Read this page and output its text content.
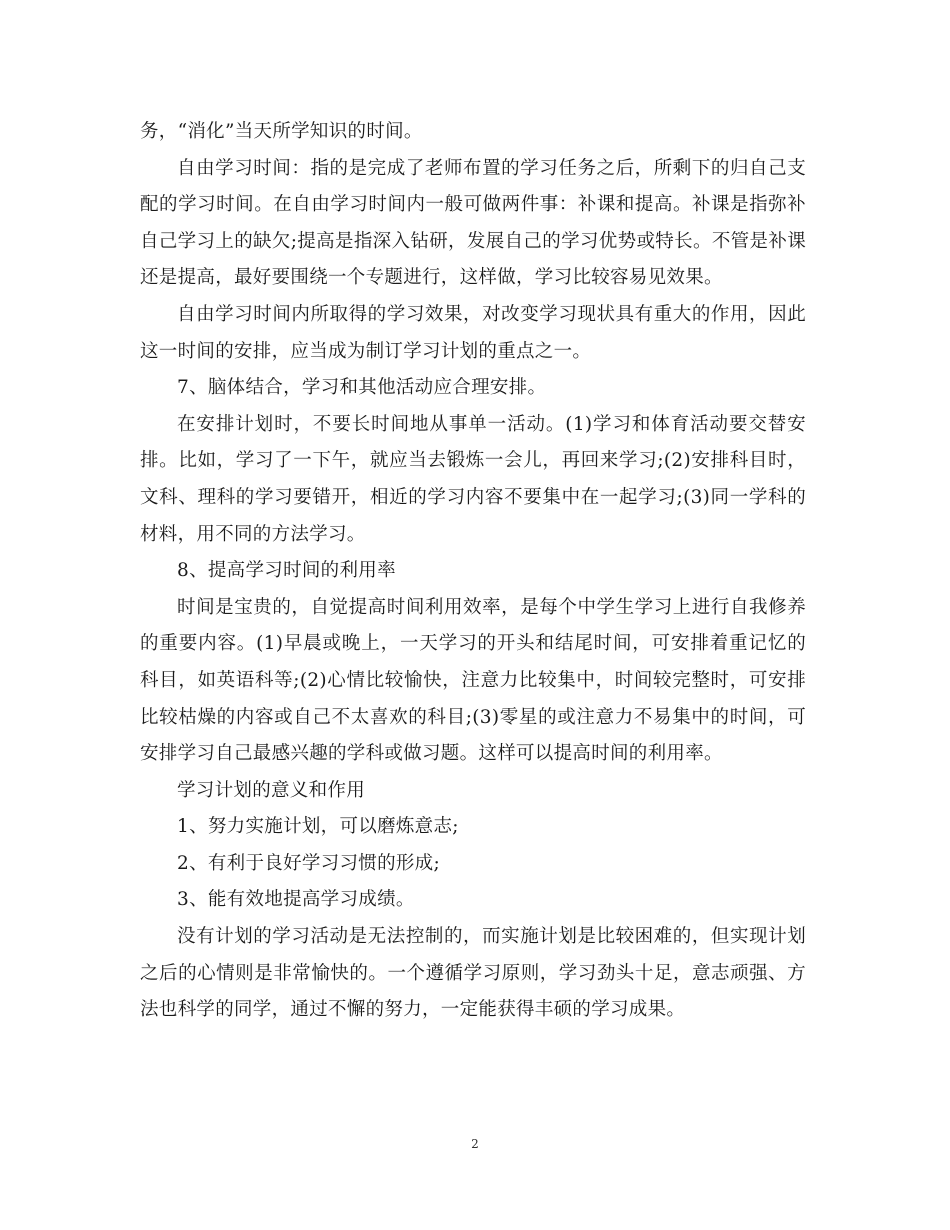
务，“消化”当天所学知识的时间。

自由学习时间：指的是完成了老师布置的学习任务之后，所剩下的归自己支配的学习时间。在自由学习时间内一般可做两件事：补课和提高。补课是指弥补自己学习上的缺欠;提高是指深入钻研，发展自己的学习优势或特长。不管是补课还是提高，最好要围绕一个专题进行，这样做，学习比较容易见效果。

自由学习时间内所取得的学习效果，对改变学习现状具有重大的作用，因此这一时间的安排，应当成为制订学习计划的重点之一。

7、脑体结合，学习和其他活动应合理安排。

在安排计划时，不要长时间地从事单一活动。(1)学习和体育活动要交替安排。比如，学习了一下午，就应当去锻炼一会儿，再回来学习;(2)安排科目时，文科、理科的学习要错开，相近的学习内容不要集中在一起学习;(3)同一学科的材料，用不同的方法学习。

8、提高学习时间的利用率

时间是宝贵的，自觉提高时间利用效率，是每个中学生学习上进行自我修养的重要内容。(1)早晨或晚上，一天学习的开头和结尾时间，可安排着重记忆的科目，如英语科等;(2)心情比较愉快，注意力比较集中，时间较完整时，可安排比较枯燥的内容或自己不太喜欢的科目;(3)零星的或注意力不易集中的时间，可安排学习自己最感兴趣的学科或做习题。这样可以提高时间的利用率。

学习计划的意义和作用

1、努力实施计划，可以磨炼意志;

2、有利于良好学习习惯的形成;

3、能有效地提高学习成绩。

没有计划的学习活动是无法控制的，而实施计划是比较困难的，但实现计划之后的心情则是非常愉快的。一个遵循学习原则，学习劲头十足，意志顽强、方法也科学的同学，通过不懈的努力，一定能获得丰硕的学习成果。

2
